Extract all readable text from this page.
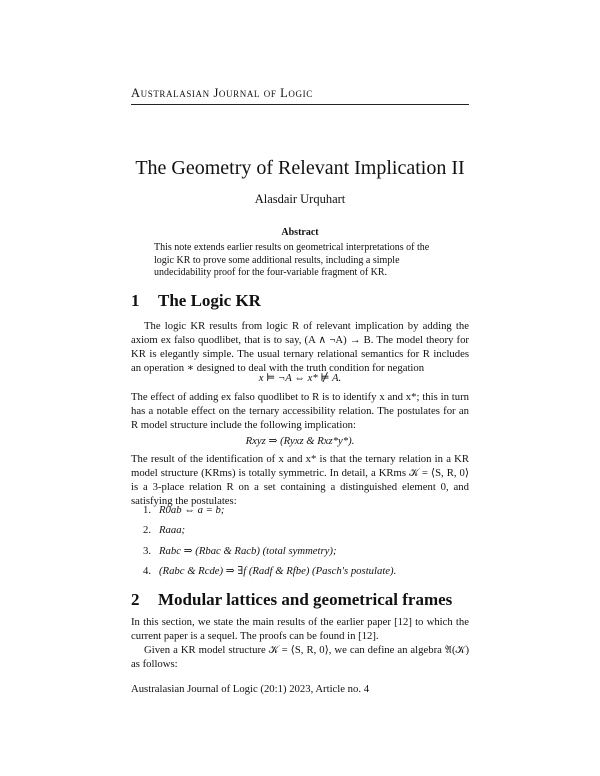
Australasian Journal of Logic
The Geometry of Relevant Implication II
Alasdair Urquhart
Abstract
This note extends earlier results on geometrical interpretations of the logic KR to prove some additional results, including a simple undecidability proof for the four-variable fragment of KR.
1 The Logic KR
The logic KR results from logic R of relevant implication by adding the axiom ex falso quodlibet, that is to say, (A ∧ ¬A) → B. The model theory for KR is elegantly simple. The usual ternary relational semantics for R includes an operation ∗ designed to deal with the truth condition for negation
x ⊨ ¬A ⇔ x* ⊭ A.
The effect of adding ex falso quodlibet to R is to identify x and x*; this in turn has a notable effect on the ternary accessibility relation. The postulates for an R model structure include the following implication:
Rxyz ⇒ (Ryxz & Rxz*y*).
The result of the identification of x and x* is that the ternary relation in a KR model structure (KRms) is totally symmetric. In detail, a KRms 𝒦 = ⟨S, R, 0⟩ is a 3-place relation R on a set containing a distinguished element 0, and satisfying the postulates:
1. R0ab ⇔ a = b;
2. Raaa;
3. Rabc ⇒ (Rbac & Racb) (total symmetry);
4. (Rabc & Rcde) ⇒ ∃f (Radf & Rfbe) (Pasch's postulate).
2 Modular lattices and geometrical frames
In this section, we state the main results of the earlier paper [12] to which the current paper is a sequel. The proofs can be found in [12].
Given a KR model structure 𝒦 = ⟨S, R, 0⟩, we can define an algebra 𝔄(𝒦) as follows:
Australasian Journal of Logic (20:1) 2023, Article no. 4
